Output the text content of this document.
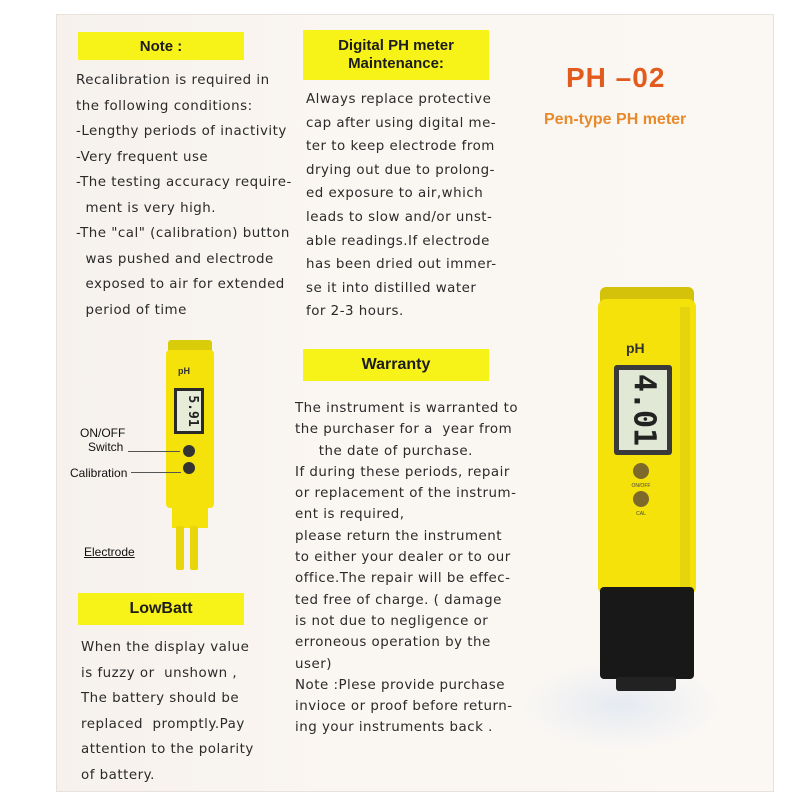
Note :
Recalibration is required in
the following conditions:
-Lengthy periods of inactivity
-Very frequent use
-The testing accuracy requirе-
ment is very high.
-The "cal" (calibration) button
was pushed and electrode
exposed to air for extended
period of time
Digital PH meter
Maintenance:
Always replace protective
cap after using digital me-
ter to keep electrode from
drying out due to prolong-
ed exposure to air,which
leads to slow and/or unst-
able readings.If electrode
has been dried out immer-
se it into distilled water
for 2-3 hours.
Warranty
The instrument is warranted to
the purchaser for a  year from
the date of purchase.
If during these periods, repair
or replacement of the instrum-
ent is required,
please return the instrument
to either your dealer or to our
office.The repair will be effec-
ted free of charge. ( damage
is not due to negligence or
erroneous operation by the
user)
Note :Plese provide purchase
invioce or proof before return-
ing your instruments back .
LowBatt
When the display value
is fuzzy or  unshown ,
The battery should be
replaced  promptly.Pay
attention to the polarity
of battery.
pH
5.91
ON/OFF
Switch
Calibration
Electrode
PH –02
Pen-type PH meter
pH
4.01
ON/OFF
CAL
